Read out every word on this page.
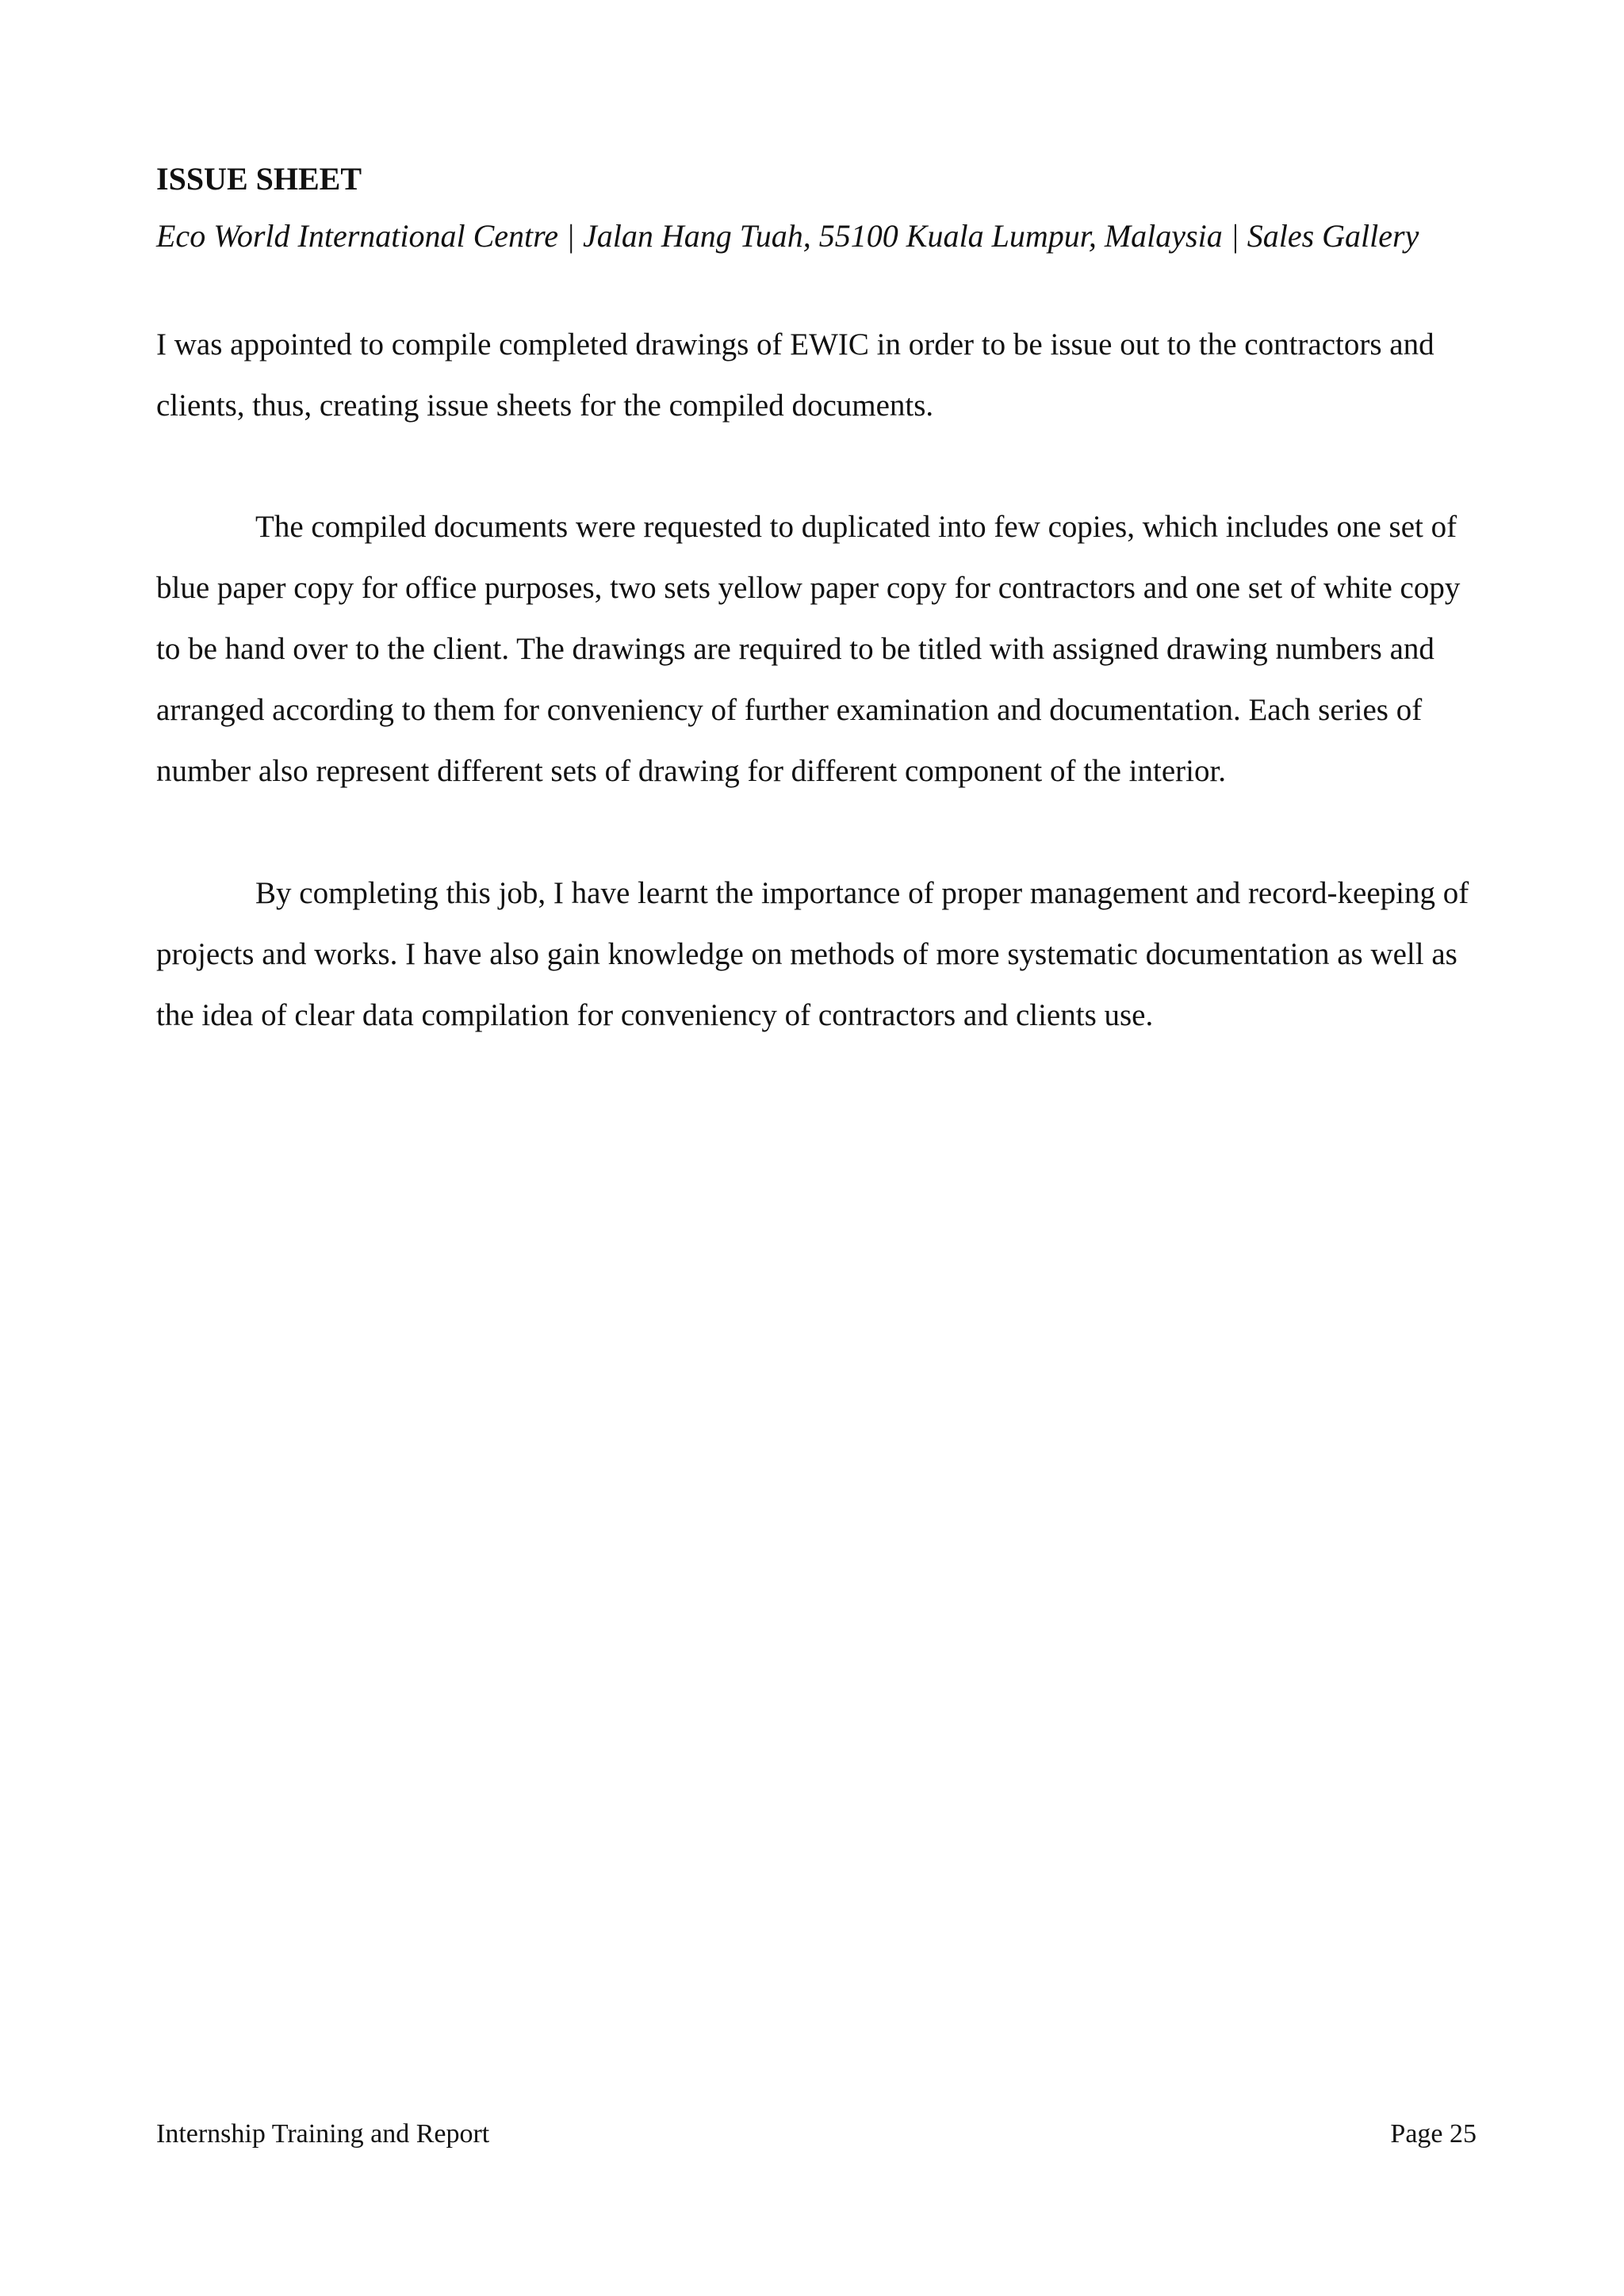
ISSUE SHEET

Eco World International Centre | Jalan Hang Tuah, 55100 Kuala Lumpur, Malaysia | Sales Gallery

I was appointed to compile completed drawings of EWIC in order to be issue out to the contractors and clients, thus, creating issue sheets for the compiled documents.

The compiled documents were requested to duplicated into few copies, which includes one set of blue paper copy for office purposes, two sets yellow paper copy for contractors and one set of white copy to be hand over to the client. The drawings are required to be titled with assigned drawing numbers and arranged according to them for conveniency of further examination and documentation. Each series of number also represent different sets of drawing for different component of the interior.

By completing this job, I have learnt the importance of proper management and record-keeping of projects and works. I have also gain knowledge on methods of more systematic documentation as well as the idea of clear data compilation for conveniency of contractors and clients use.

Internship Training and Report	Page 25
